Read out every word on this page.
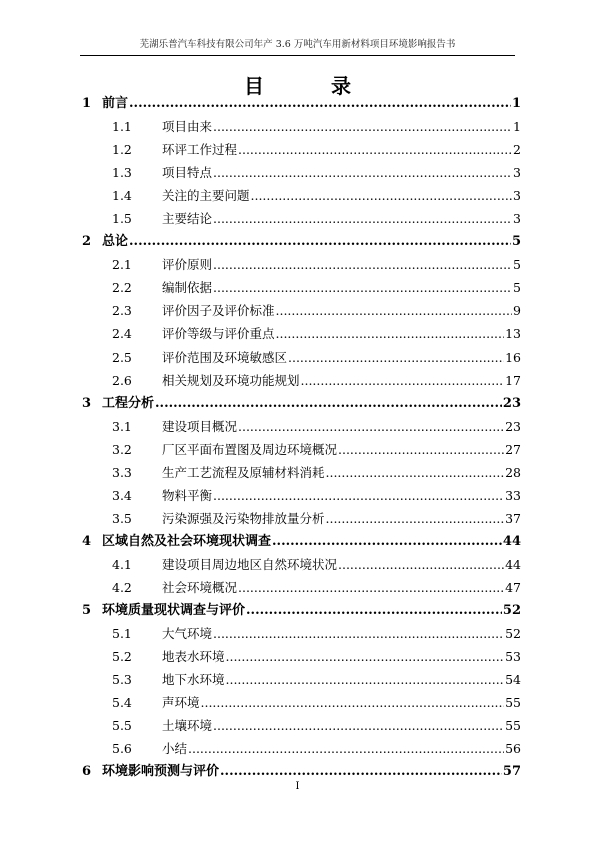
芜湖乐普汽车科技有限公司年产 3.6 万吨汽车用新材料项目环境影响报告书
目 录
1 前言 .....	1
1.1	项目由来 .....	1
1.2	环评工作过程 .....	2
1.3	项目特点 .....	3
1.4	关注的主要问题 .....	3
1.5	主要结论 .....	3
2 总论 .....	5
2.1	评价原则 .....	5
2.2	编制依据 .....	5
2.3	评价因子及评价标准 .....	9
2.4	评价等级与评价重点 .....	13
2.5	评价范围及环境敏感区 .....	16
2.6	相关规划及环境功能规划 .....	17
3 工程分析 .....	23
3.1	建设项目概况 .....	23
3.2	厂区平面布置图及周边环境概况 .....	27
3.3	生产工艺流程及原辅材料消耗 .....	28
3.4	物料平衡 .....	33
3.5	污染源强及污染物排放量分析 .....	37
4 区域自然及社会环境现状调查 .....	44
4.1	建设项目周边地区自然环境状况 .....	44
4.2	社会环境概况 .....	47
5 环境质量现状调查与评价 .....	52
5.1	大气环境 .....	52
5.2	地表水环境 .....	53
5.3	地下水环境 .....	54
5.4	声环境 .....	55
5.5	土壤环境 .....	55
5.6	小结 .....	56
6 环境影响预测与评价 .....	57
I
